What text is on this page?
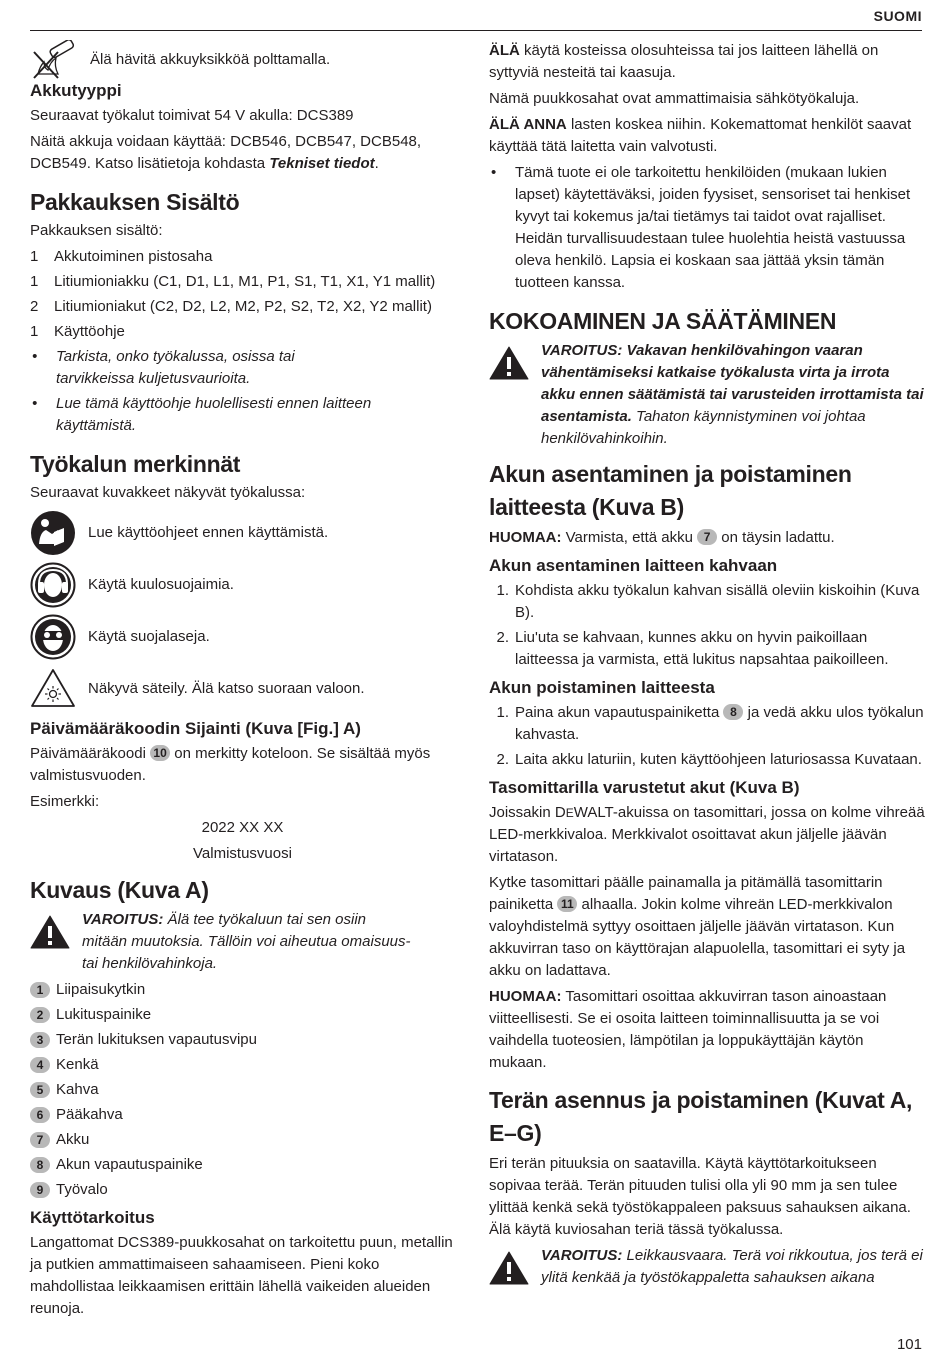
SUOMI
Älä hävitä akkuyksikköä polttamalla.
Akkutyyppi

Seuraavat työkalut toimivat 54 V akulla: DCS389

Näitä akkuja voidaan käyttää: DCB546, DCB547, DCB548, DCB549. Katso lisätietoja kohdasta Tekniset tiedot.

Pakkauksen Sisältö

Pakkauksen sisältö:

1	Akkutoiminen pistosaha
1	Litiumioniakku (C1, D1, L1, M1, P1, S1, T1, X1, Y1 mallit)
2	Litiumioniakut (C2, D2, L2, M2, P2, S2, T2, X2, Y2 mallit)
1	Käyttöohje
•	Tarkista, onko työkalussa, osissa tai tarvikkeissa kuljetusvaurioita.
•	Lue tämä käyttöohje huolellisesti ennen laitteen käyttämistä.
Työkalun merkinnät

Seuraavat kuvakkeet näkyvät työkalussa:

Lue käyttöohjeet ennen käyttämistä.
Käytä kuulosuojaimia.
Käytä suojalaseja.
Näkyvä säteily. Älä katso suoraan valoon.
Päivämääräkoodin Sijainti (Kuva [Fig.] A)

Päivämääräkoodi 10 on merkitty koteloon. Se sisältää myös valmistusvuoden.

Esimerkki:

2022 XX XX

Valmistusvuosi

Kuvaus (Kuva A)
VAROITUS: Älä tee työkaluun tai sen osiin mitään muutoksia. Tällöin voi aiheutua omaisuus- tai henkilövahinkoja.
1 Liipaisukytkin
2 Lukituspainike
3 Terän lukituksen vapautusvipu
4 Kenkä
5 Kahva
6 Pääkahva
7 Akku
8 Akun vapautuspainike
9 Työvalo
Käyttötarkoitus

Langattomat DCS389-puukkosahat on tarkoitettu puun, metallin ja putkien ammattimaiseen sahaamiseen. Pieni koko mahdollistaa leikkaamisen erittäin lähellä vaikeiden alueiden reunoja.

ÄLÄ käytä kosteissa olosuhteissa tai jos laitteen lähellä on syttyviä nesteitä tai kaasuja.

Nämä puukkosahat ovat ammattimaisia sähkötyökaluja.

ÄLÄ ANNA lasten koskea niihin. Kokemattomat henkilöt saavat käyttää tätä laitetta vain valvotusti.

•	Tämä tuote ei ole tarkoitettu henkilöiden (mukaan lukien lapset) käytettäväksi, joiden fyysiset, sensoriset tai henkiset kyvyt tai kokemus ja/tai tietämys tai taidot ovat rajalliset. Heidän turvallisuudestaan tulee huolehtia heistä vastuussa oleva henkilö. Lapsia ei koskaan saa jättää yksin tämän tuotteen kanssa.
KOKOAMINEN JA SÄÄTÄMINEN
VAROITUS: Vakavan henkilövahingon vaaran vähentämiseksi katkaise työkalusta virta ja irrota akku ennen säätämistä tai varusteiden irrottamista tai asentamista. Tahaton käynnistyminen voi johtaa henkilövahinkoihin.
Akun asentaminen ja poistaminen laitteesta (Kuva B)

HUOMAA: Varmista, että akku 7 on täysin ladattu.

Akun asentaminen laitteen kahvaan
1. Kohdista akku työkalun kahvan sisällä oleviin kiskoihin (Kuva B).
2. Liu'uta se kahvaan, kunnes akku on hyvin paikoillaan laitteessa ja varmista, että lukitus napsahtaa paikoilleen.
Akun poistaminen laitteesta
1. Paina akun vapautuspainiketta 8 ja vedä akku ulos työkalun kahvasta.
2. Laita akku laturiin, kuten käyttöohjeen laturiosassa Kuvataan.
Tasomittarilla varustetut akut (Kuva B)

Joissakin DEWALT-akuissa on tasomittari, jossa on kolme vihreää LED-merkkivaloa. Merkkivalot osoittavat akun jäljelle jäävän virtatason.

Kytke tasomittari päälle painamalla ja pitämällä tasomittarin painiketta 11 alhaalla. Jokin kolme vihreän LED-merkkivalon valoyhdistelmä syttyy osoittaen jäljelle jäävän virtatason. Kun akkuvirran taso on käyttörajan alapuolella, tasomittari ei syty ja akku on ladattava.

HUOMAA: Tasomittari osoittaa akkuvirran tason ainoastaan viitteellisesti. Se ei osoita laitteen toiminnallisuutta ja se voi vaihdella tuoteosien, lämpötilan ja loppukäyttäjän käytön mukaan.

Terän asennus ja poistaminen (Kuvat A, E–G)

Eri terän pituuksia on saatavilla. Käytä käyttötarkoitukseen sopivaa terää. Terän pituuden tulisi olla yli 90 mm ja sen tulee ylittää kenkä sekä työstökappaleen paksuus sahauksen aikana. Älä käytä kuviosahan teriä tässä työkalussa.

VAROITUS: Leikkausvaara. Terä voi rikkoutua, jos terä ei ylitä kenkää ja työstökappaletta sahauksen aikana
101
